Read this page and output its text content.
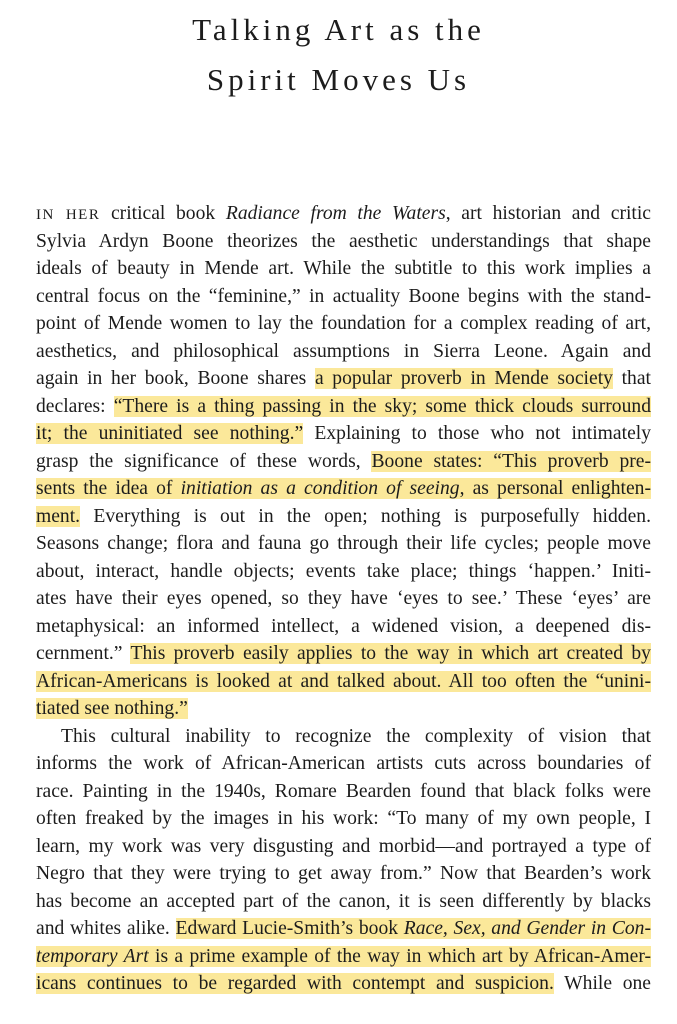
Talking Art as the
Spirit Moves Us
IN HER critical book Radiance from the Waters, art historian and critic
Sylvia Ardyn Boone theorizes the aesthetic understandings that shape
ideals of beauty in Mende art. While the subtitle to this work implies a
central focus on the “feminine,” in actuality Boone begins with the stand-
point of Mende women to lay the foundation for a complex reading of art,
aesthetics, and philosophical assumptions in Sierra Leone. Again and
again in her book, Boone shares a popular proverb in Mende society that
declares: “There is a thing passing in the sky; some thick clouds surround
it; the uninitiated see nothing.” Explaining to those who not intimately
grasp the significance of these words, Boone states: “This proverb pre-
sents the idea of initiation as a condition of seeing, as personal enlighten-
ment. Everything is out in the open; nothing is purposefully hidden.
Seasons change; flora and fauna go through their life cycles; people move
about, interact, handle objects; events take place; things ‘happen.’ Initi-
ates have their eyes opened, so they have ‘eyes to see.’ These ‘eyes’ are
metaphysical: an informed intellect, a widened vision, a deepened dis-
cernment.” This proverb easily applies to the way in which art created by
African-Americans is looked at and talked about. All too often the “unini-
tiated see nothing.”
This cultural inability to recognize the complexity of vision that
informs the work of African-American artists cuts across boundaries of
race. Painting in the 1940s, Romare Bearden found that black folks were
often freaked by the images in his work: “To many of my own people, I
learn, my work was very disgusting and morbid—and portrayed a type of
Negro that they were trying to get away from.” Now that Bearden’s work
has become an accepted part of the canon, it is seen differently by blacks
and whites alike. Edward Lucie-Smith’s book Race, Sex, and Gender in Con-
temporary Art is a prime example of the way in which art by African-Amer-
icans continues to be regarded with contempt and suspicion. While one
